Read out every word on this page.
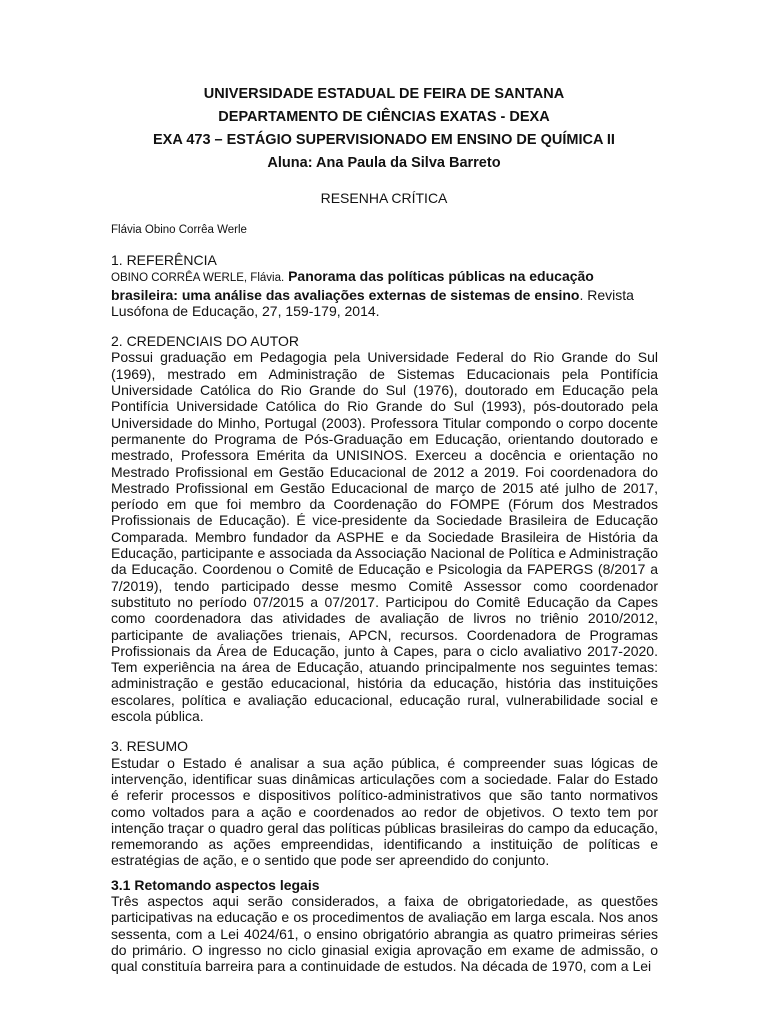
UNIVERSIDADE ESTADUAL DE FEIRA DE SANTANA
DEPARTAMENTO DE CIÊNCIAS EXATAS - DEXA
EXA 473 – ESTÁGIO SUPERVISIONADO EM ENSINO DE QUÍMICA II
Aluna: Ana Paula da Silva Barreto
RESENHA CRÍTICA
Flávia Obino Corrêa Werle
1. REFERÊNCIA

OBINO CORRÊA WERLE, Flávia. Panorama das políticas públicas na educação brasileira: uma análise das avaliações externas de sistemas de ensino. Revista Lusófona de Educação, 27, 159-179, 2014.

2. CREDENCIAIS DO AUTOR

Possui graduação em Pedagogia pela Universidade Federal do Rio Grande do Sul (1969), mestrado em Administração de Sistemas Educacionais pela Pontifícia Universidade Católica do Rio Grande do Sul (1976), doutorado em Educação pela Pontifícia Universidade Católica do Rio Grande do Sul (1993), pós-doutorado pela Universidade do Minho, Portugal (2003). Professora Titular compondo o corpo docente permanente do Programa de Pós-Graduação em Educação, orientando doutorado e mestrado, Professora Emérita da UNISINOS. Exerceu a docência e orientação no Mestrado Profissional em Gestão Educacional de 2012 a 2019. Foi coordenadora do Mestrado Profissional em Gestão Educacional de março de 2015 até julho de 2017, período em que foi membro da Coordenação do FOMPE (Fórum dos Mestrados Profissionais de Educação). É vice-presidente da Sociedade Brasileira de Educação Comparada. Membro fundador da ASPHE e da Sociedade Brasileira de História da Educação, participante e associada da Associação Nacional de Política e Administração da Educação. Coordenou o Comitê de Educação e Psicologia da FAPERGS (8/2017 a 7/2019), tendo participado desse mesmo Comitê Assessor como coordenador substituto no período 07/2015 a 07/2017. Participou do Comitê Educação da Capes como coordenadora das atividades de avaliação de livros no triênio 2010/2012, participante de avaliações trienais, APCN, recursos. Coordenadora de Programas Profissionais da Área de Educação, junto à Capes, para o ciclo avaliativo 2017-2020. Tem experiência na área de Educação, atuando principalmente nos seguintes temas: administração e gestão educacional, história da educação, história das instituições escolares, política e avaliação educacional, educação rural, vulnerabilidade social e escola pública.

3. RESUMO

Estudar o Estado é analisar a sua ação pública, é compreender suas lógicas de intervenção, identificar suas dinâmicas articulações com a sociedade. Falar do Estado é referir processos e dispositivos político-administrativos que são tanto normativos como voltados para a ação e coordenados ao redor de objetivos. O texto tem por intenção traçar o quadro geral das políticas públicas brasileiras do campo da educação, rememorando as ações empreendidas, identificando a instituição de políticas e estratégias de ação, e o sentido que pode ser apreendido do conjunto.

3.1 Retomando aspectos legais

Três aspectos aqui serão considerados, a faixa de obrigatoriedade, as questões participativas na educação e os procedimentos de avaliação em larga escala. Nos anos sessenta, com a Lei 4024/61, o ensino obrigatório abrangia as quatro primeiras séries do primário. O ingresso no ciclo ginasial exigia aprovação em exame de admissão, o qual constituía barreira para a continuidade de estudos. Na década de 1970, com a Lei
